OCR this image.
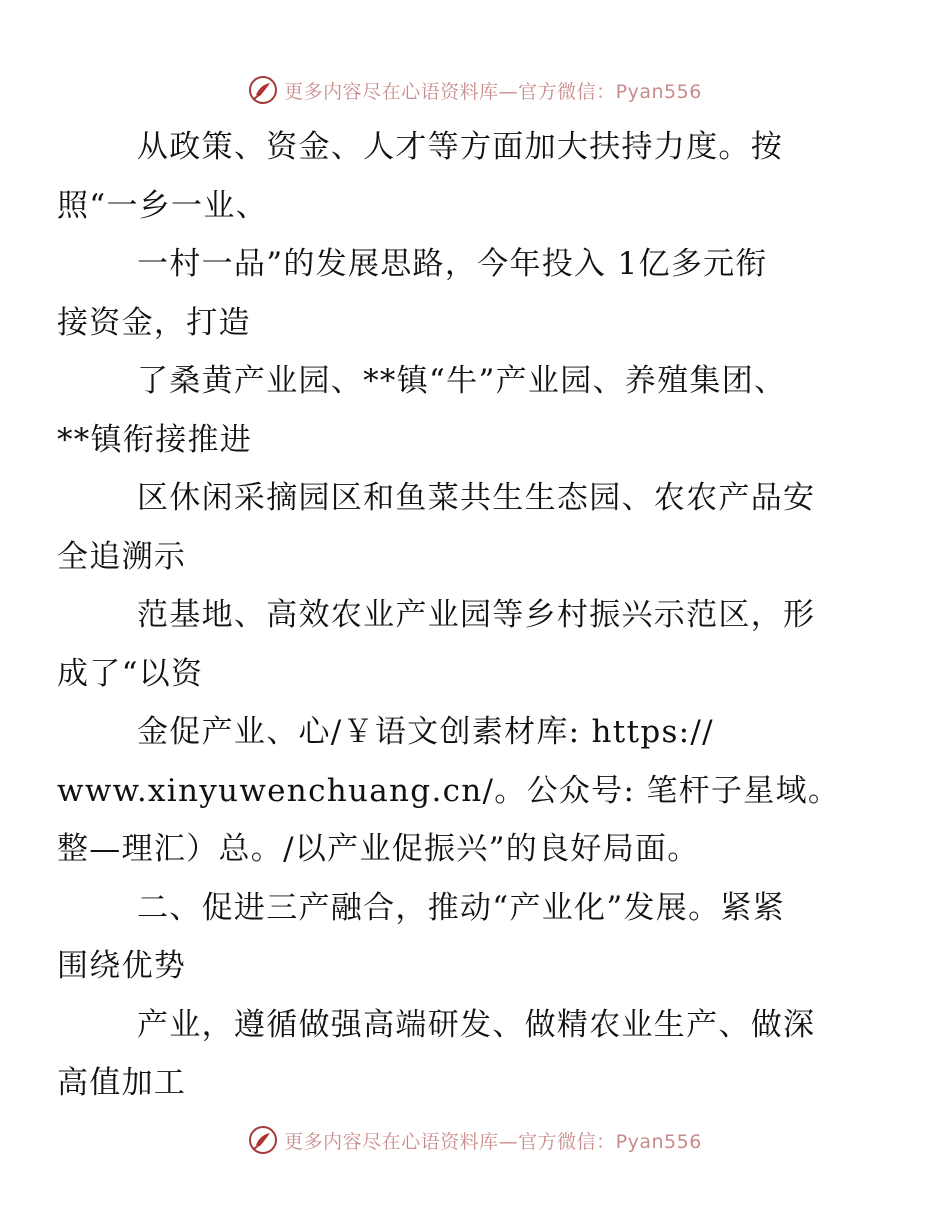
更多内容尽在心语资料库—官方微信：Pyan556

从政策、资金、人才等方面加大扶持力度。按
照“一乡一业、

一村一品”的发展思路，今年投入 1亿多元衔
接资金，打造

了桑黄产业园、**镇“牛”产业园、养殖集团、
**镇衔接推进

区休闲采摘园区和鱼菜共生生态园、农农产品安
全追溯示

范基地、高效农业产业园等乡村振兴示范区，形
成了“以资

金促产业、心/￥语文创素材库: https://
www.xinyuwenchuang.cn/。公众号: 笔杆子星域。
整—理汇）总。/以产业促振兴”的良好局面。

二、促进三产融合，推动“产业化”发展。紧紧
围绕优势

产业，遵循做强高端研发、做精农业生产、做深
高值加工

更多内容尽在心语资料库—官方微信：Pyan556
